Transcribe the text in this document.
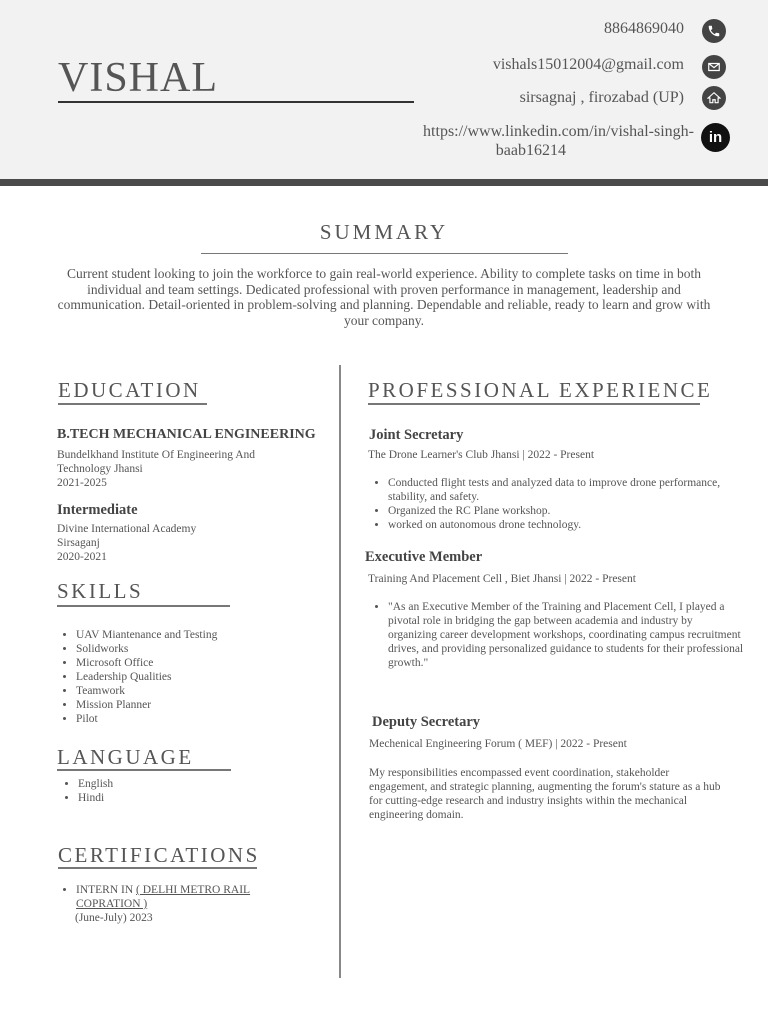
VISHAL
8864869040
vishals15012004@gmail.com
sirsagnaj , firozabad (UP)
https://www.linkedin.com/in/vishal-singh-
baab16214
in
SUMMARY
Current student looking to join the workforce to gain real-world experience. Ability to complete tasks on time in both individual and team settings. Dedicated professional with proven performance in management, leadership and communication. Detail-oriented in problem-solving and planning. Dependable and reliable, ready to learn and grow with your company.
EDUCATION
B.TECH MECHANICAL ENGINEERING
Bundelkhand Institute Of Engineering And
Technology Jhansi
2021-2025
Intermediate
Divine International Academy
Sirsaganj
2020-2021
SKILLS
• UAV Miantenance and Testing
• Solidworks
• Microsoft Office
• Leadership Qualities
• Teamwork
• Mission Planner
• Pilot
LANGUAGE
• English
• Hindi
CERTIFICATIONS
• INTERN IN ( DELHI METRO RAIL
COPRATION )
(June-July) 2023
PROFESSIONAL EXPERIENCE
Joint Secretary
The Drone Learner's Club Jhansi | 2022 - Present
• Conducted flight tests and analyzed data to improve drone performance, stability, and safety.
• Organized the RC Plane workshop.
• worked on autonomous drone technology.
Executive Member
Training And Placement Cell , Biet Jhansi | 2022 - Present
• "As an Executive Member of the Training and Placement Cell, I played a pivotal role in bridging the gap between academia and industry by organizing career development workshops, coordinating campus recruitment drives, and providing personalized guidance to students for their professional growth."
Deputy Secretary
Mechenical Engineering Forum ( MEF) | 2022 - Present
My responsibilities encompassed event coordination, stakeholder engagement, and strategic planning, augmenting the forum's stature as a hub for cutting-edge research and industry insights within the mechanical engineering domain.
